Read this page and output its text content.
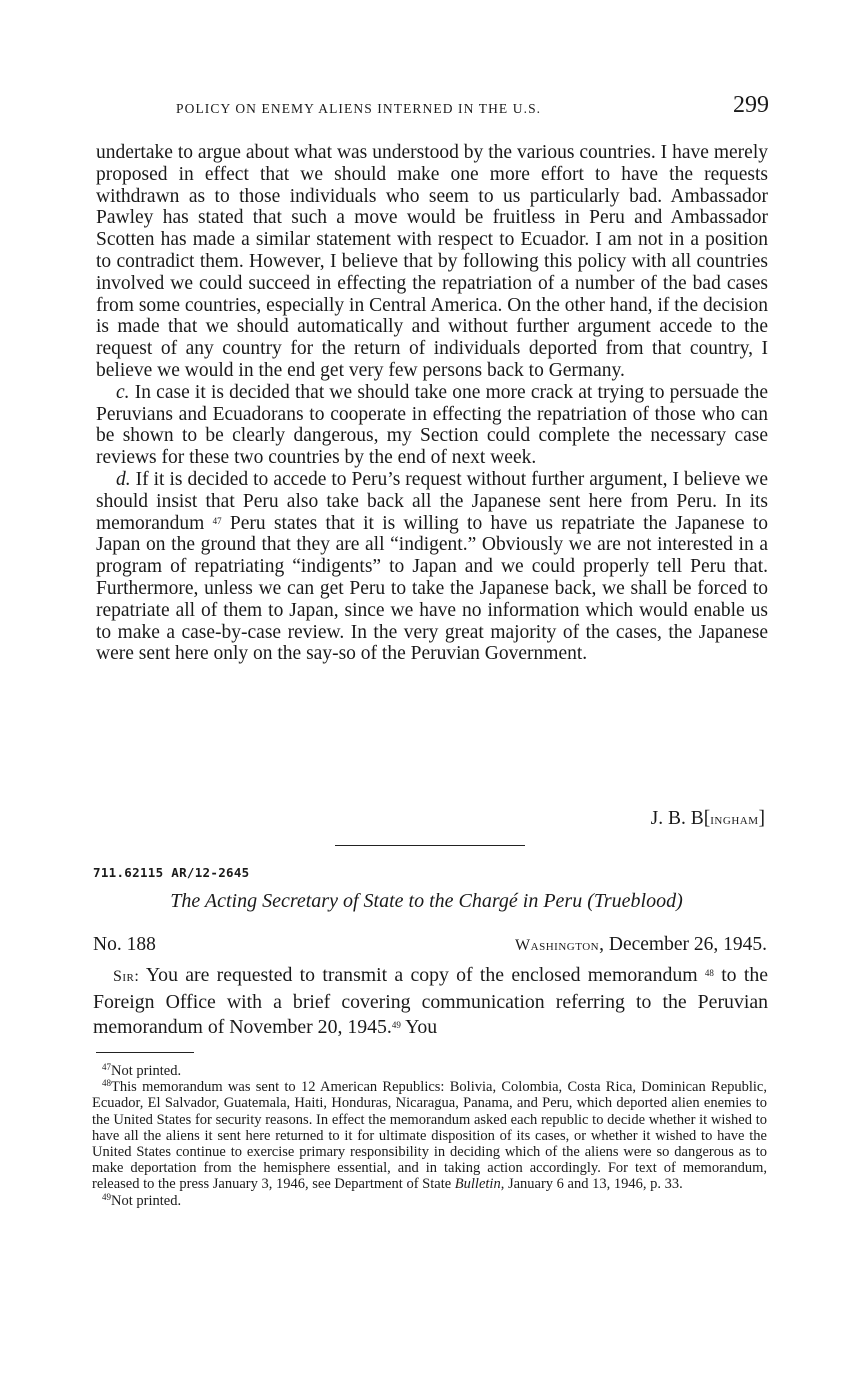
POLICY ON ENEMY ALIENS INTERNED IN THE U.S.	299

undertake to argue about what was understood by the various countries. I have merely proposed in effect that we should make one more effort to have the requests withdrawn as to those individuals who seem to us particularly bad. Ambassador Pawley has stated that such a move would be fruitless in Peru and Ambassador Scotten has made a similar statement with respect to Ecuador. I am not in a position to contradict them. However, I believe that by following this policy with all countries involved we could succeed in effecting the repatriation of a number of the bad cases from some countries, especially in Central America. On the other hand, if the decision is made that we should automatically and without further argument accede to the request of any country for the return of individuals deported from that country, I believe we would in the end get very few persons back to Germany.

c. In case it is decided that we should take one more crack at trying to persuade the Peruvians and Ecuadorans to cooperate in effecting the repatriation of those who can be shown to be clearly dangerous, my Section could complete the necessary case reviews for these two countries by the end of next week.

d. If it is decided to accede to Peru’s request without further argument, I believe we should insist that Peru also take back all the Japanese sent here from Peru. In its memorandum $^{47}$ Peru states that it is willing to have us repatriate the Japanese to Japan on the ground that they are all “indigent.” Obviously we are not interested in a program of repatriating “indigents” to Japan and we could properly tell Peru that. Furthermore, unless we can get Peru to take the Japanese back, we shall be forced to repatriate all of them to Japan, since we have no information which would enable us to make a case-by-case review. In the very great majority of the cases, the Japanese were sent here only on the say-so of the Peruvian Government.

J. B. B[ingham]
711.62115 AR/12-2645
The Acting Secretary of State to the Chargé in Peru (Trueblood)
No. 188	Washington, December 26, 1945.
Sir: You are requested to transmit a copy of the enclosed memorandum $^{48}$ to the Foreign Office with a brief covering communication referring to the Peruvian memorandum of November 20, 1945.49 You

$^{47}$Not printed.

$^{48}$This memorandum was sent to 12 American Republics: Bolivia, Colombia, Costa Rica, Dominican Republic, Ecuador, El Salvador, Guatemala, Haiti, Honduras, Nicaragua, Panama, and Peru, which deported alien enemies to the United States for security reasons. In effect the memorandum asked each republic to decide whether it wished to have all the aliens it sent here returned to it for ultimate disposition of its cases, or whether it wished to have the United States continue to exercise primary responsibility in deciding which of the aliens were so dangerous as to make deportation from the hemisphere essential, and in taking action accordingly. For text of memorandum, released to the press January 3, 1946, see Department of State Bulletin, January 6 and 13, 1946, p. 33.

$^{49}$Not printed.
